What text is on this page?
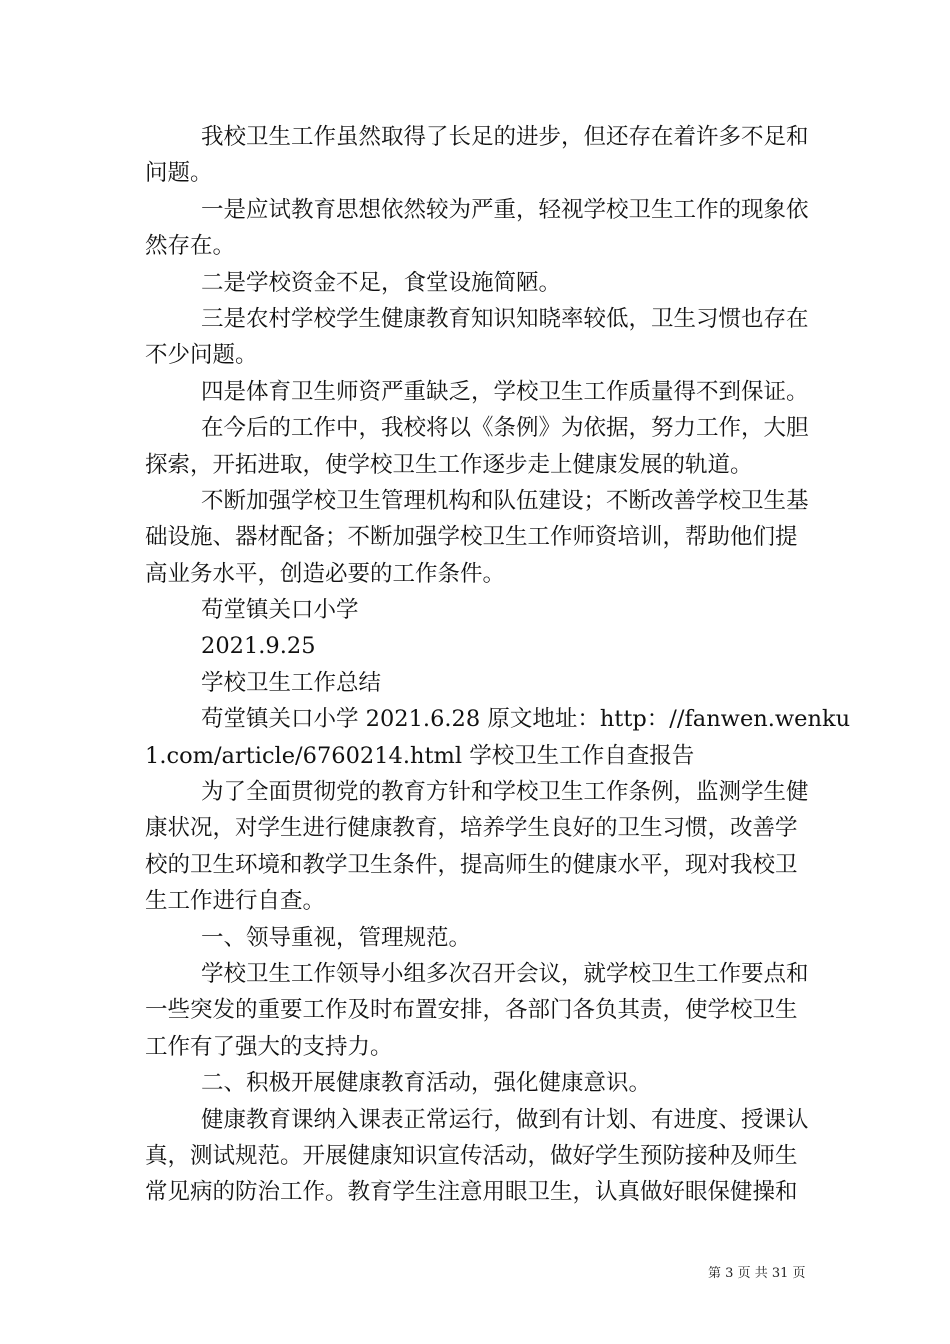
我校卫生工作虽然取得了长足的进步，但还存在着许多不足和
问题。
一是应试教育思想依然较为严重，轻视学校卫生工作的现象依
然存在。
二是学校资金不足，食堂设施简陋。
三是农村学校学生健康教育知识知晓率较低，卫生习惯也存在
不少问题。
四是体育卫生师资严重缺乏，学校卫生工作质量得不到保证。
在今后的工作中，我校将以《条例》为依据，努力工作，大胆
探索，开拓进取，使学校卫生工作逐步走上健康发展的轨道。
不断加强学校卫生管理机构和队伍建设；不断改善学校卫生基
础设施、器材配备；不断加强学校卫生工作师资培训，帮助他们提
高业务水平，创造必要的工作条件。
苟堂镇关口小学
2021.9.25
学校卫生工作总结
苟堂镇关口小学 2021.6.28 原文地址：http：//fanwen.wenku
1.com/article/6760214.html 学校卫生工作自查报告
为了全面贯彻党的教育方针和学校卫生工作条例，监测学生健
康状况，对学生进行健康教育，培养学生良好的卫生习惯，改善学
校的卫生环境和教学卫生条件，提高师生的健康水平，现对我校卫
生工作进行自查。
一、领导重视，管理规范。
学校卫生工作领导小组多次召开会议，就学校卫生工作要点和
一些突发的重要工作及时布置安排，各部门各负其责，使学校卫生
工作有了强大的支持力。
二、积极开展健康教育活动，强化健康意识。
健康教育课纳入课表正常运行，做到有计划、有进度、授课认
真，测试规范。开展健康知识宣传活动，做好学生预防接种及师生
常见病的防治工作。教育学生注意用眼卫生，认真做好眼保健操和
第 3 页 共 31 页
